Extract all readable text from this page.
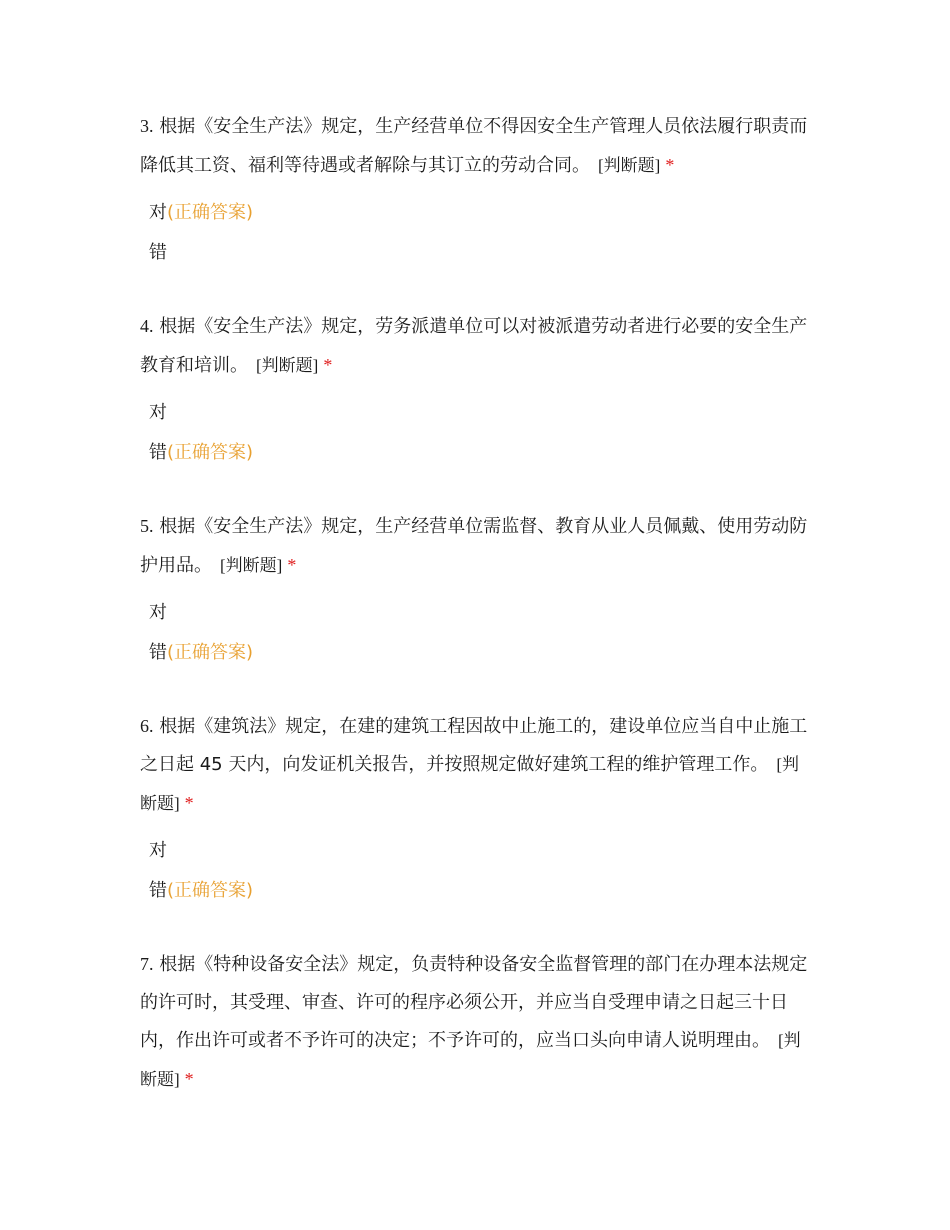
3. 根据《安全生产法》规定，生产经营单位不得因安全生产管理人员依法履行职责而降低其工资、福利等待遇或者解除与其订立的劳动合同。 [判断题] *

对(正确答案)
错

4. 根据《安全生产法》规定，劳务派遣单位可以对被派遣劳动者进行必要的安全生产教育和培训。 [判断题] *

对
错(正确答案)

5. 根据《安全生产法》规定，生产经营单位需监督、教育从业人员佩戴、使用劳动防护用品。 [判断题] *

对
错(正确答案)

6. 根据《建筑法》规定，在建的建筑工程因故中止施工的，建设单位应当自中止施工之日起 45 天内，向发证机关报告，并按照规定做好建筑工程的维护管理工作。 [判断题] *

对
错(正确答案)

7. 根据《特种设备安全法》规定，负责特种设备安全监督管理的部门在办理本法规定的许可时，其受理、审查、许可的程序必须公开，并应当自受理申请之日起三十日内，作出许可或者不予许可的决定；不予许可的，应当口头向申请人说明理由。 [判断题] *
